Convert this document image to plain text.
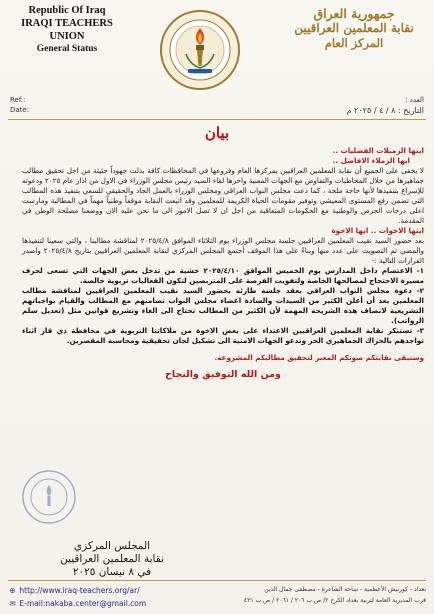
Republic Of Iraq
IRAQI TEACHERS UNION
General Status
جمهورية العراق
نقابة المعلمين العراقيين
المركز العام
Ref.:
Date:
العدد :
التاريخ : ٨ / ٤ / ٢٠٢٥ م
بيان

ايتها الزميلات الفضليات ..

ايها الزملاء الافاضل ..

لا يخفى على الجميع أن نقابة المعلمين العراقيين بمركزها العام وفروعها في المحافظات كافة بذلت جهوداً حثيثة من اجل تحقيق مطالب جماهيرها من خلال المخاطبات والتفاوض مع الجهات المعنية واخرها لقاء السيد رئيس مجلس الوزراء في الاول من اذار عام ٢٠٢٥ ودعوته للإسراع بتنفيذها لأنها حاجة ملحة ، كما دعت مجلس النواب العراقي ومجلس الوزراء بالعمل الجاد والحقيقي للسعي بتنفيذ هذه المطالب التي تضمن رفع المستوى المعيشي وتوفير مقومات الحياة الكريمة للمعلمين وقد اتبعت النقابة موقفاً وطنياً مهماً في المطالبة ومارست اعلى درجات الحرص والوطنية مع الحكومات المتعاقبة من اجل ان لا تصل الامور الى ما نحن عليه الان ووضعنا مصلحة الوطن في المقدمة.

ايتها الاخوات .. ايها الاخوة

بعد حضور السيد نقيب المعلمين العراقيين جلسة مجلس الوزراء يوم الثلاثاء الموافق ٢٠٢٥/٤/٨ لمناقشة مطالبنا ، والتي سعينا لتنفيذها والمضي ثم التصويت على عدد منها وبناءً على هذا الموقف أجتمع المجلس المركزي لنقابة المعلمين العراقيين بتاريخ ٢٠٢٥/٤/٨ واصدر القرارات التالية :-

١- الاعتصام داخل المدارس يوم الخميس الموافق ٢٠٢٥/٤/١٠ خشية من تدخل بعض الجهات التي تسعى لحرف مسيرة الاحتجاج لمصالحها الخاصة ولتفويت الفرصة على المتربصين لتكون الفعاليات تربوية خالصة.

٢- دعوة مجلس النواب العراقي بعقد جلسة طارئة بحضور السيد نقيب المعلمين العراقيين لمناقشة مطالب المعلمين بعد أن أعلن الكثير من السيدات والسادة اعضاء مجلس النواب تضامنهم مع المطالب والقيام بواجباتهم التشريعية لانصاف هذه الشريحة المهمة لأن الكثير من المطالب تحتاج الى الغاء وتشريع قوانين مثل (تعديل سلم الرواتب).

٣- تستنكر نقابة المعلمين العراقيين الاعتداء على بعض الاخوة من ملاكاتنا التربوية في محافظة ذي قار اثناء تواجدهم بالحراك الجماهيري الحر وتدعو الجهات الامنية الى تشكيل لجان تحقيقية ومحاسبة المقصرين.

وستبقى نقابتكم صوتكم المعبر لتحقيق مطالبكم المشروعة.

ومن الله التوفيق والنجاح

المجلس المركزي
نقابة المعلمين العراقيين
في ٨ نيسان ٢٠٢٥
⊕ http://www.iraq-teachers.org/ar/
✉ E-mail:nakaba.center@gmail.com
بغداد - كورنيش الأعظمية - ساحة الشاعرة - مصطفى جمال الدين
قرب المديرية العامة لتربية بغداد الكرخ ٢/ ص.ب ٢٠٦ / ٢٠٦١ / ص.ب ٤٢١
